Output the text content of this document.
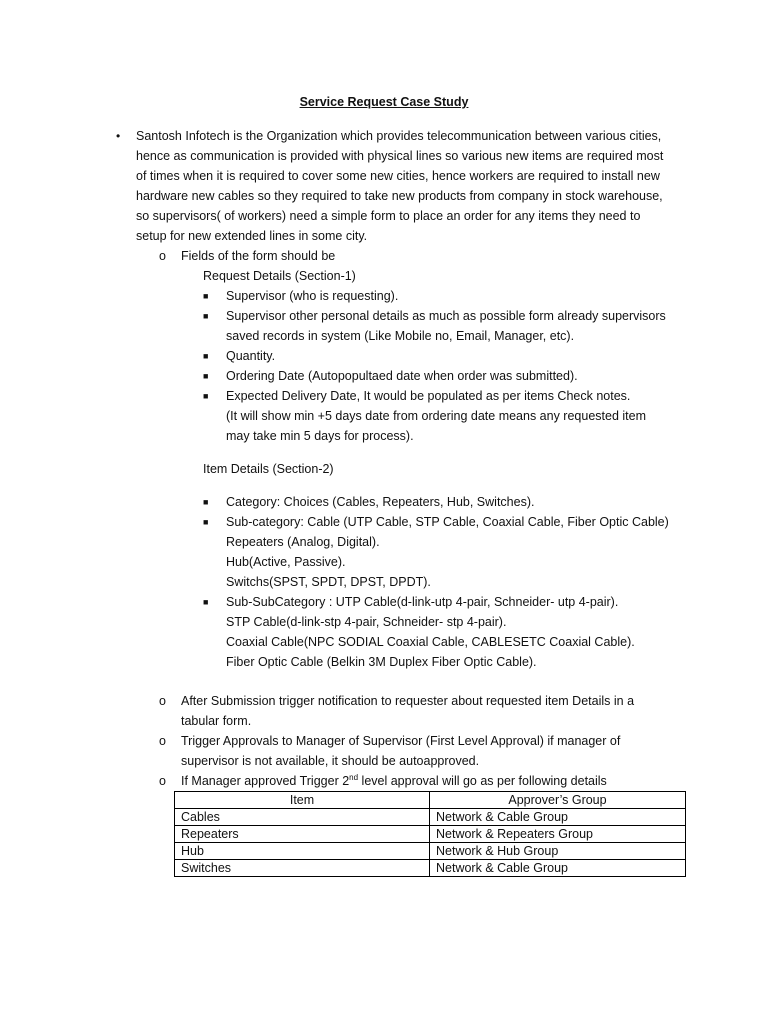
Service Request Case Study
• Santosh Infotech is the Organization which provides telecommunication between various cities,
hence as communication is provided with physical lines so various new items are required most
of times when it is required to cover some new cities, hence workers are required to install new
hardware new cables so they required to take new products from company in stock warehouse,
so supervisors( of workers) need a simple form to place an order for any items they need to
setup for new extended lines in some city.
o Fields of the form should be
Request Details (Section-1)
■ Supervisor (who is requesting).
■ Supervisor other personal details as much as possible form already supervisors
saved records in system (Like Mobile no, Email, Manager, etc).
■ Quantity.
■ Ordering Date (Autopopultaed date when order was submitted).
■ Expected Delivery Date, It would be populated as per items Check notes.
(It will show min +5 days date from ordering date means any requested item
may take min 5 days for process).
Item Details (Section-2)
■ Category: Choices (Cables, Repeaters, Hub, Switches).
■ Sub-category: Cable (UTP Cable, STP Cable, Coaxial Cable, Fiber Optic Cable)
Repeaters (Analog, Digital).
Hub(Active, Passive).
Switchs(SPST, SPDT, DPST, DPDT).
■ Sub-SubCategory : UTP Cable(d-link-utp 4-pair, Schneider- utp 4-pair).
STP Cable(d-link-stp 4-pair, Schneider- stp 4-pair).
Coaxial Cable(NPC SODIAL Coaxial Cable, CABLESETC Coaxial Cable).
Fiber Optic Cable (Belkin 3M Duplex Fiber Optic Cable).
o After Submission trigger notification to requester about requested item Details in a
tabular form.
o Trigger Approvals to Manager of Supervisor (First Level Approval) if manager of
supervisor is not available, it should be autoapproved.
o If Manager approved Trigger 2nd level approval will go as per following details
Item	Approver’s Group
Cables	Network & Cable Group
Repeaters	Network & Repeaters Group
Hub	Network & Hub Group
Switches	Network & Cable Group
